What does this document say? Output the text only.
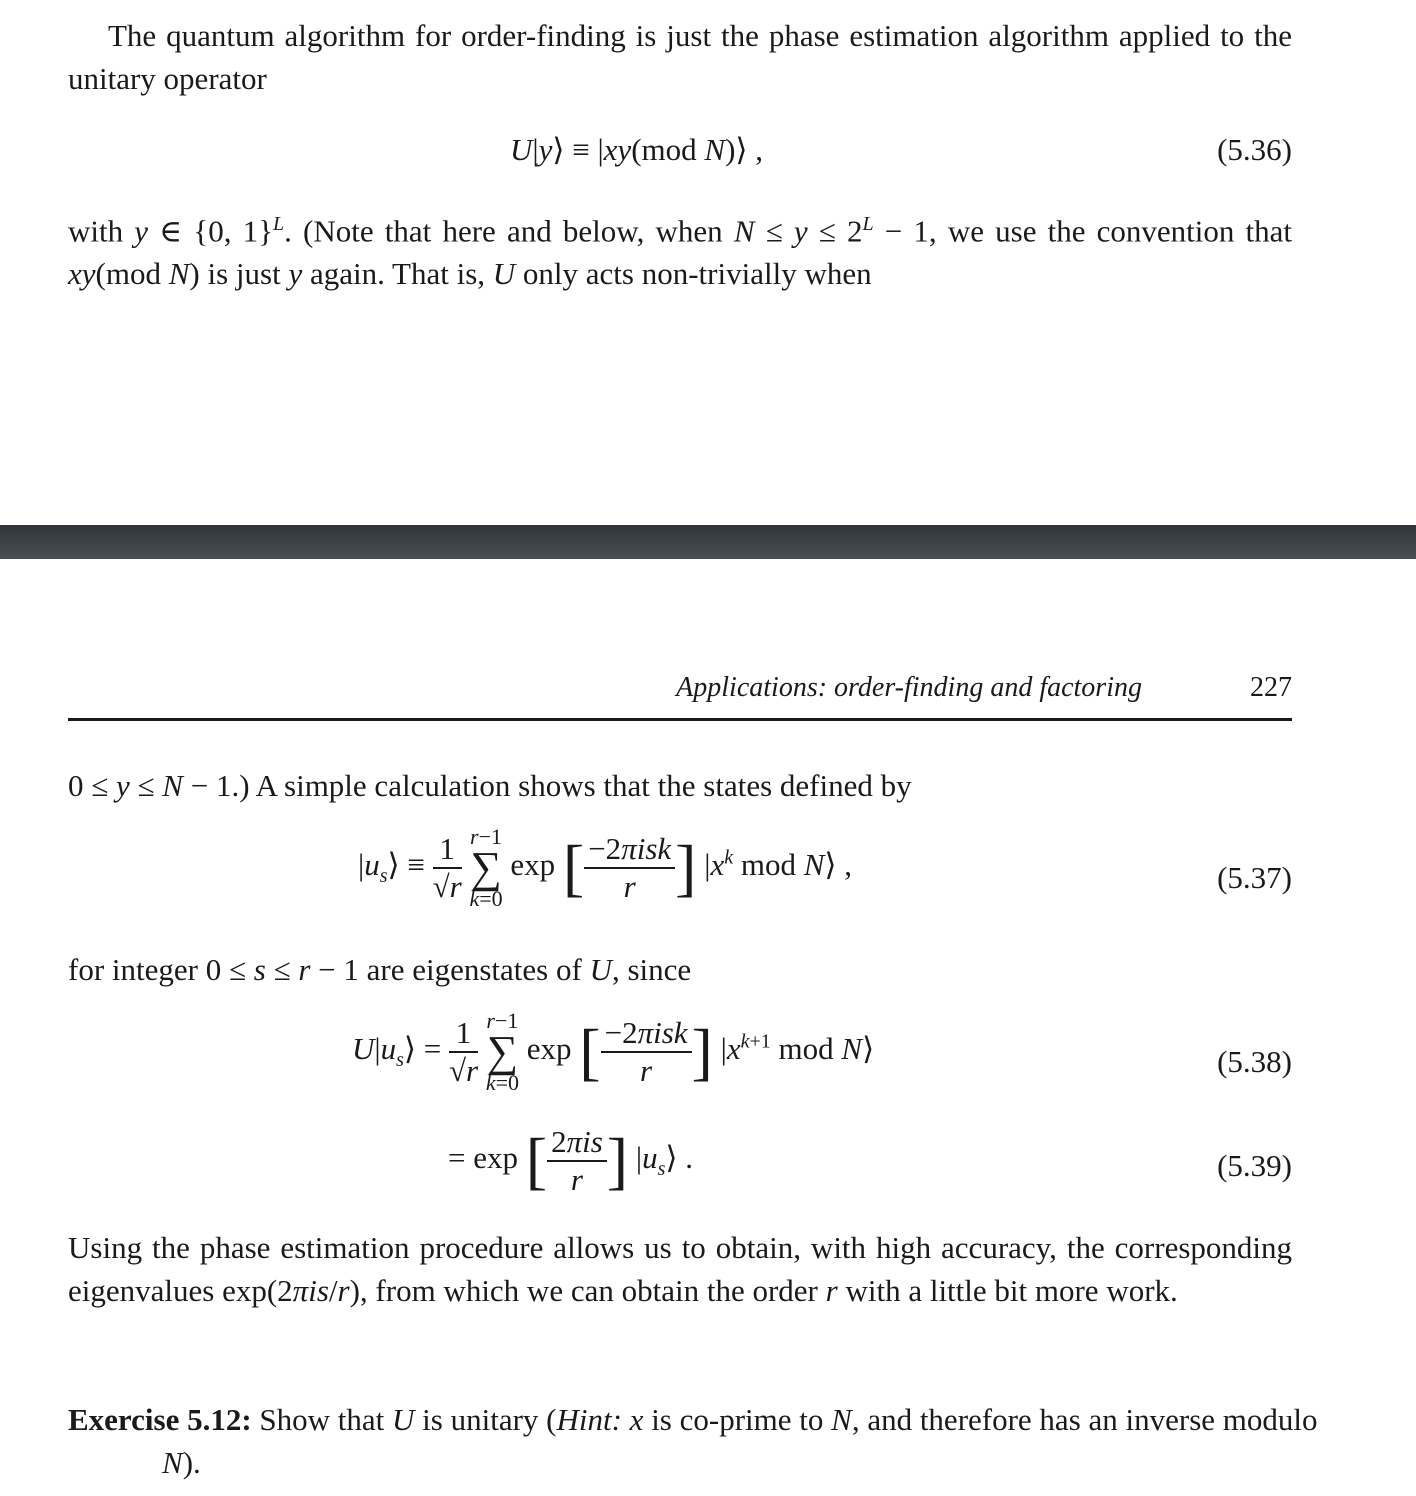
The quantum algorithm for order-finding is just the phase estimation algorithm applied to the unitary operator
U|y⟩ ≡ |xy(mod N)⟩ ,	(5.36)
with y ∈ {0, 1}$^L$. (Note that here and below, when $N \le y \le 2^L - 1$, we use the convention that xy(mod N) is just y again. That is, U only acts non-trivially when
Applications: order-finding and factoring	227
0 ≤ y ≤ N − 1.) A simple calculation shows that the states defined by
$|u_s⟩ \equiv \frac{1}{√r} r-1$
∑
k=0 exp [ $\frac{\text{−2πisk}}{r}$ ] $|x^k$ mod N⟩ ,	(5.37)
for integer 0 ≤ s ≤ r − 1 are eigenstates of U, since
$U|u_s⟩ = \frac{1}{√r} r-1$
∑
k=0 exp [ $\frac{\text{−2πisk}}{r}$ ] $|x^{k+1}$ mod N⟩	(5.38)
= exp [ $\frac{\text{2πis}}{r}$ ] $|u_s⟩$ .	(5.39)
Using the phase estimation procedure allows us to obtain, with high accuracy, the corresponding eigenvalues exp(2πis/r), from which we can obtain the order r with a little bit more work.
Exercise 5.12: Show that U is unitary (Hint: x is co-prime to N, and therefore has an inverse modulo N).
